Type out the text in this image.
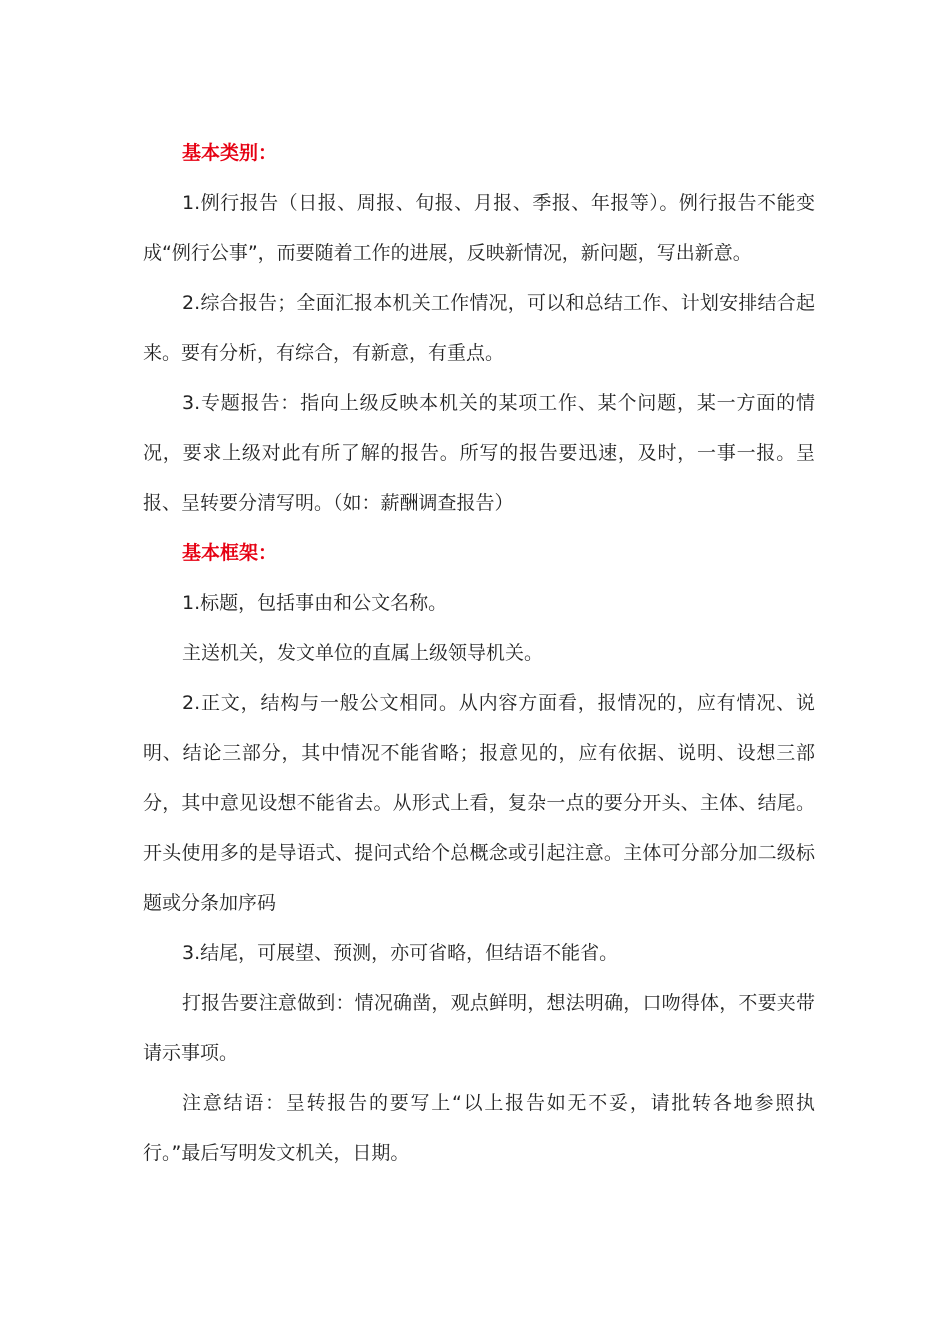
基本类别：

1.例行报告（日报、周报、旬报、月报、季报、年报等）。例行报告不能变成“例行公事”，而要随着工作的进展，反映新情况，新问题，写出新意。

2.综合报告；全面汇报本机关工作情况，可以和总结工作、计划安排结合起来。要有分析，有综合，有新意，有重点。

3.专题报告：指向上级反映本机关的某项工作、某个问题，某一方面的情况，要求上级对此有所了解的报告。所写的报告要迅速，及时，一事一报。呈报、呈转要分清写明。（如：薪酬调查报告）

基本框架：

1.标题，包括事由和公文名称。

主送机关，发文单位的直属上级领导机关。

2.正文，结构与一般公文相同。从内容方面看，报情况的，应有情况、说明、结论三部分，其中情况不能省略；报意见的，应有依据、说明、设想三部分，其中意见设想不能省去。从形式上看，复杂一点的要分开头、主体、结尾。开头使用多的是导语式、提问式给个总概念或引起注意。主体可分部分加二级标题或分条加序码

3.结尾，可展望、预测，亦可省略，但结语不能省。

打报告要注意做到：情况确凿，观点鲜明，想法明确，口吻得体，不要夹带请示事项。

注意结语：呈转报告的要写上“以上报告如无不妥，请批转各地参照执行。”最后写明发文机关，日期。
